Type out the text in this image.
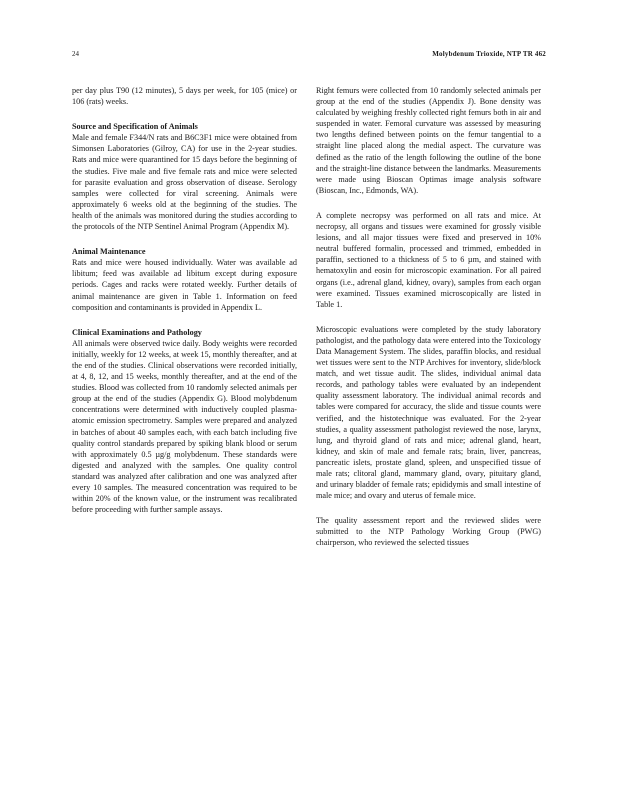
24	Molybdenum Trioxide, NTP TR 462

per day plus T90 (12 minutes), 5 days per week, for 105 (mice) or 106 (rats) weeks.

Source and Specification of Animals
Male and female F344/N rats and B6C3F1 mice were obtained from Simonsen Laboratories (Gilroy, CA) for use in the 2-year studies. Rats and mice were quarantined for 15 days before the beginning of the studies. Five male and five female rats and mice were selected for parasite evaluation and gross observation of disease. Serology samples were collected for viral screening. Animals were approximately 6 weeks old at the beginning of the studies. The health of the animals was monitored during the studies according to the protocols of the NTP Sentinel Animal Program (Appendix M).

Animal Maintenance
Rats and mice were housed individually. Water was available ad libitum; feed was available ad libitum except during exposure periods. Cages and racks were rotated weekly. Further details of animal maintenance are given in Table 1. Information on feed composition and contaminants is provided in Appendix L.

Clinical Examinations and Pathology
All animals were observed twice daily. Body weights were recorded initially, weekly for 12 weeks, at week 15, monthly thereafter, and at the end of the studies. Clinical observations were recorded initially, at 4, 8, 12, and 15 weeks, monthly thereafter, and at the end of the studies. Blood was collected from 10 randomly selected animals per group at the end of the studies (Appendix G). Blood molybdenum concentrations were determined with inductively coupled plasma-atomic emission spectrometry. Samples were prepared and analyzed in batches of about 40 samples each, with each batch including five quality control standards prepared by spiking blank blood or serum with approximately 0.5 µg/g molybdenum. These standards were digested and analyzed with the samples. One quality control standard was analyzed after calibration and one was analyzed after every 10 samples. The measured concentration was required to be within 20% of the known value, or the instrument was recalibrated before proceeding with further sample assays.

Right femurs were collected from 10 randomly selected animals per group at the end of the studies (Appendix J). Bone density was calculated by weighing freshly collected right femurs both in air and suspended in water. Femoral curvature was assessed by measuring two lengths defined between points on the femur tangential to a straight line placed along the medial aspect. The curvature was defined as the ratio of the length following the outline of the bone and the straight-line distance between the landmarks. Measurements were made using Bioscan Optimas image analysis software (Bioscan, Inc., Edmonds, WA).

A complete necropsy was performed on all rats and mice. At necropsy, all organs and tissues were examined for grossly visible lesions, and all major tissues were fixed and preserved in 10% neutral buffered formalin, processed and trimmed, embedded in paraffin, sectioned to a thickness of 5 to 6 µm, and stained with hematoxylin and eosin for microscopic examination. For all paired organs (i.e., adrenal gland, kidney, ovary), samples from each organ were examined. Tissues examined microscopically are listed in Table 1.

Microscopic evaluations were completed by the study laboratory pathologist, and the pathology data were entered into the Toxicology Data Management System. The slides, paraffin blocks, and residual wet tissues were sent to the NTP Archives for inventory, slide/block match, and wet tissue audit. The slides, individual animal data records, and pathology tables were evaluated by an independent quality assessment laboratory. The individual animal records and tables were compared for accuracy, the slide and tissue counts were verified, and the histotechnique was evaluated. For the 2-year studies, a quality assessment pathologist reviewed the nose, larynx, lung, and thyroid gland of rats and mice; adrenal gland, heart, kidney, and skin of male and female rats; brain, liver, pancreas, pancreatic islets, prostate gland, spleen, and unspecified tissue of male rats; clitoral gland, mammary gland, ovary, pituitary gland, and urinary bladder of female rats; epididymis and small intestine of male mice; and ovary and uterus of female mice.

The quality assessment report and the reviewed slides were submitted to the NTP Pathology Working Group (PWG) chairperson, who reviewed the selected tissues
